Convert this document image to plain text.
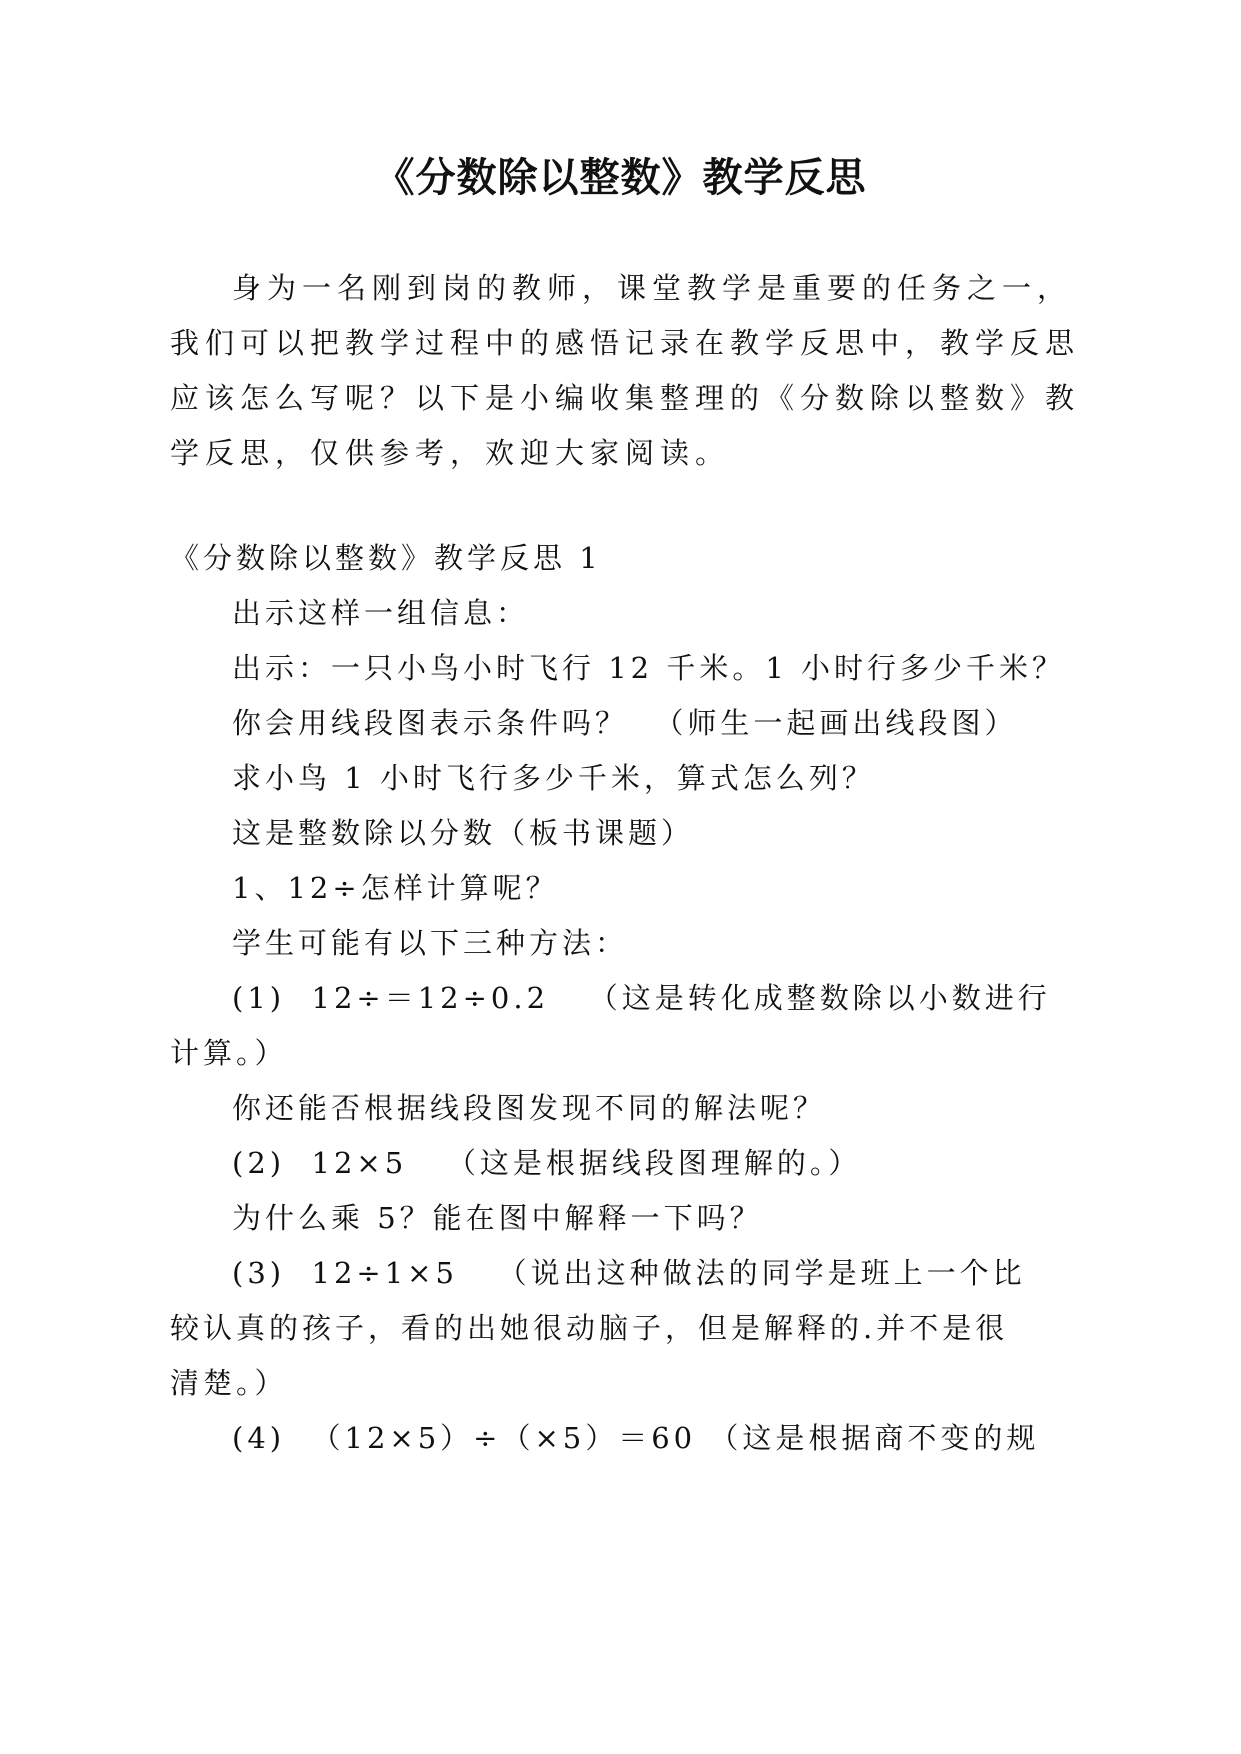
《分数除以整数》教学反思
身为一名刚到岗的教师，课堂教学是重要的任务之一，
我们可以把教学过程中的感悟记录在教学反思中，教学反思
应该怎么写呢？以下是小编收集整理的《分数除以整数》教
学反思，仅供参考，欢迎大家阅读。
《分数除以整数》教学反思 1
出示这样一组信息：
出示：一只小鸟小时飞行 12 千米。1 小时行多少千米？
你会用线段图表示条件吗？  （师生一起画出线段图）
求小鸟 1 小时飞行多少千米，算式怎么列？
这是整数除以分数（板书课题）
1、12÷怎样计算呢？
学生可能有以下三种方法：
(1)  12÷＝12÷0.2   （这是转化成整数除以小数进行
计算。）
你还能否根据线段图发现不同的解法呢？
(2)  12×5   （这是根据线段图理解的。）
为什么乘 5？能在图中解释一下吗？
(3)  12÷1×5   （说出这种做法的同学是班上一个比
较认真的孩子，看的出她很动脑子，但是解释的.并不是很
清楚。）
(4)  （12×5）÷（×5）＝60 （这是根据商不变的规
